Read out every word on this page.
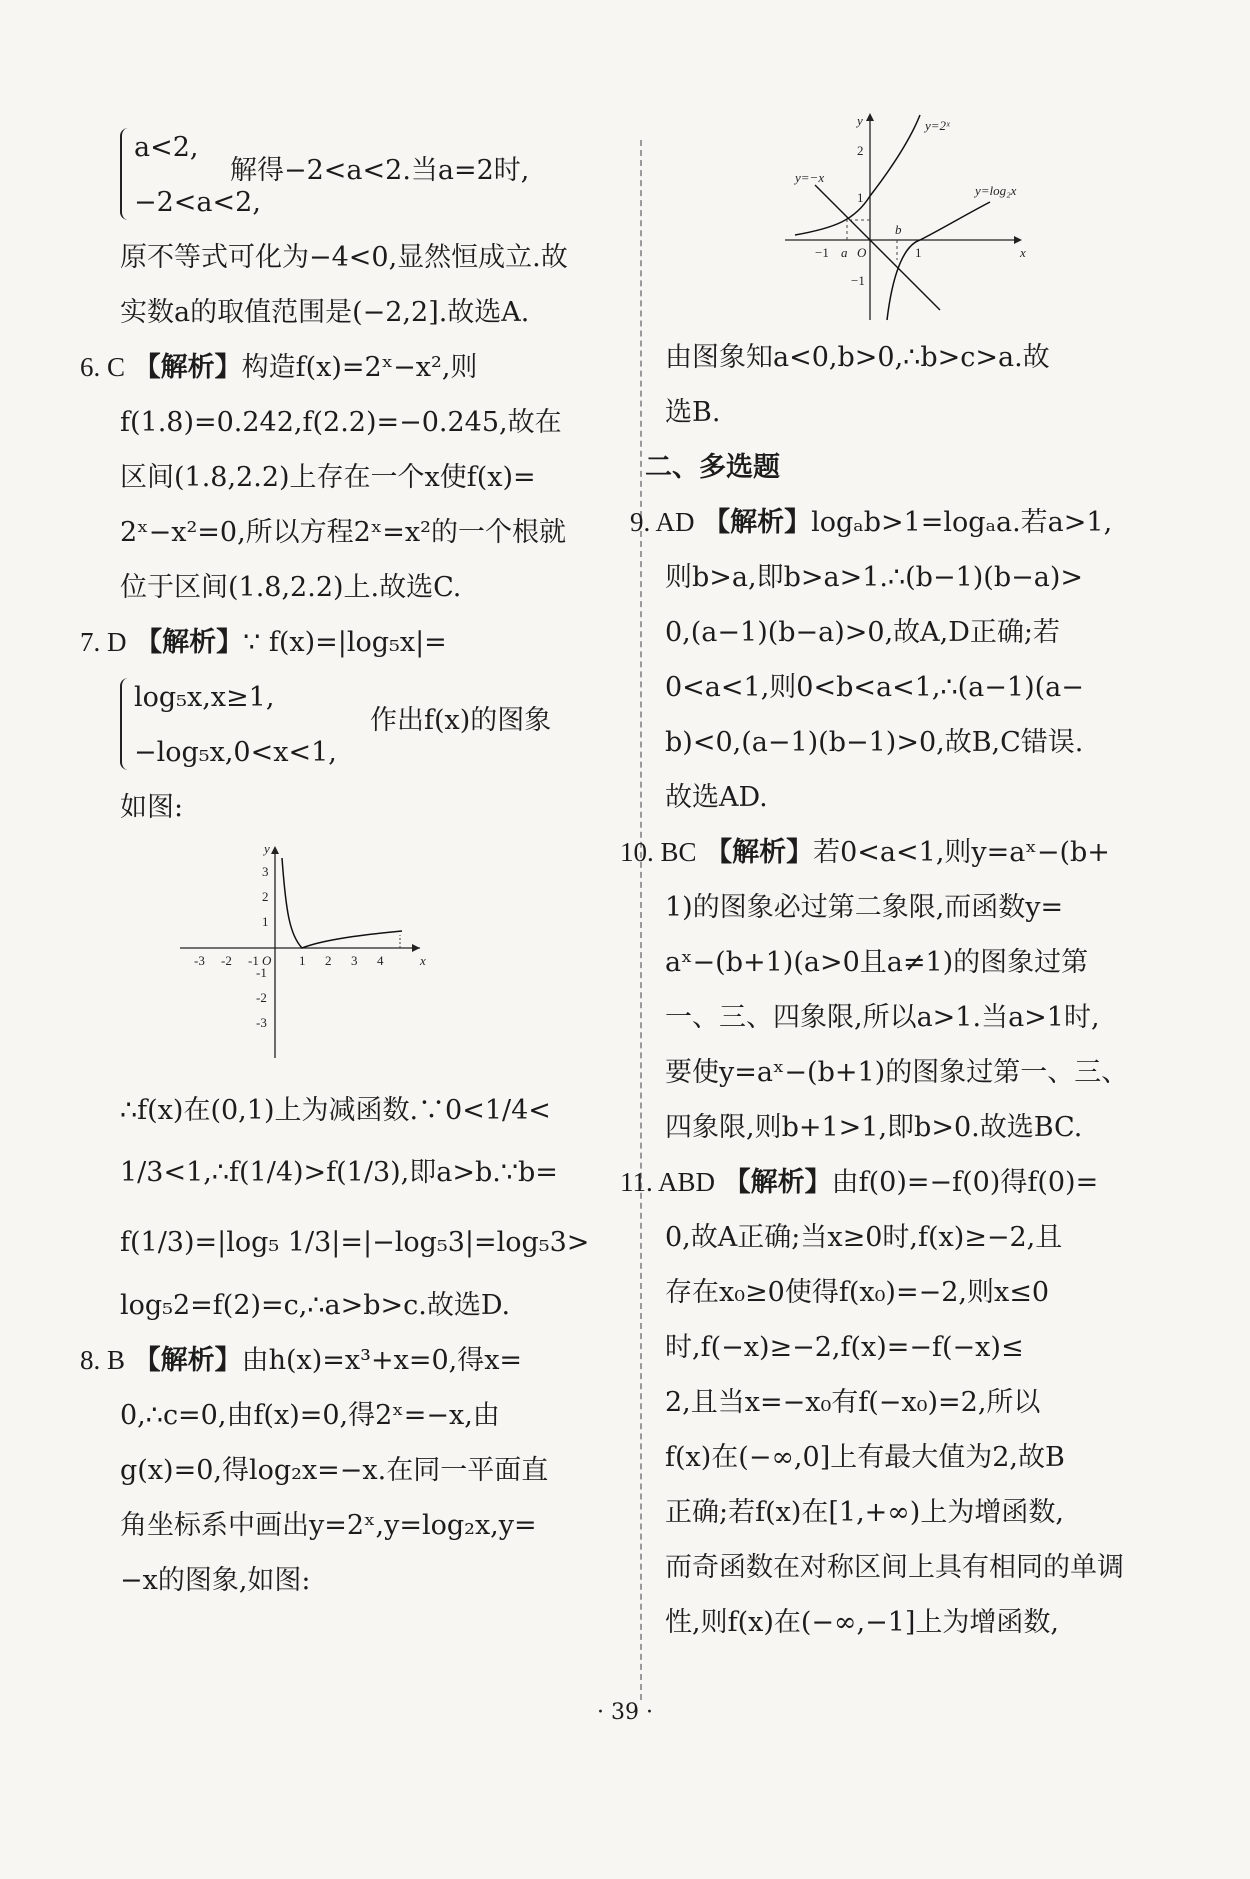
a<2,
−2<a<2,
解得−2<a<2.当a=2时,
原不等式可化为−4<0,显然恒成立.故
实数a的取值范围是(−2,2].故选A.
6. C 【解析】构造f(x)=2ˣ−x²,则
f(1.8)=0.242,f(2.2)=−0.245,故在
区间(1.8,2.2)上存在一个x使f(x)=
2ˣ−x²=0,所以方程2ˣ=x²的一个根就
位于区间(1.8,2.2)上.故选C.
7. D 【解析】∵ f(x)=|log₅x|=
log₅x,x≥1,
−log₅x,0<x<1,
作出f(x)的图象
如图:
x
y
O
-3 -2 -1	1 2 3 4
3
2
1
-1
-2
-3
∴f(x)在(0,1)上为减函数.∵0<1/4<
1/3<1,∴f(1/4)>f(1/3),即a>b.∵b=
f(1/3)=|log₅ 1/3|=|−log₅3|=log₅3>
log₅2=f(2)=c,∴a>b>c.故选D.
8. B 【解析】由h(x)=x³+x=0,得x=
0,∴c=0,由f(x)=0,得2ˣ=−x,由
g(x)=0,得log₂x=−x.在同一平面直
角坐标系中画出y=2ˣ,y=log₂x,y=
−x的图象,如图:
x
y	y=2ˣ
y=−x
y=log₂x
−1 a O
b
1
2
1
−1
由图象知a<0,b>0,∴b>c>a.故
选B.
二、多选题
9. AD 【解析】logₐb>1=logₐa.若a>1,
则b>a,即b>a>1.∴(b−1)(b−a)>
0,(a−1)(b−a)>0,故A,D正确;若
0<a<1,则0<b<a<1,∴(a−1)(a−
b)<0,(a−1)(b−1)>0,故B,C错误.
故选AD.
10. BC 【解析】若0<a<1,则y=aˣ−(b+
1)的图象必过第二象限,而函数y=
aˣ−(b+1)(a>0且a≠1)的图象过第
一、三、四象限,所以a>1.当a>1时,
要使y=aˣ−(b+1)的图象过第一、三、
四象限,则b+1>1,即b>0.故选BC.
11. ABD 【解析】由f(0)=−f(0)得f(0)=
0,故A正确;当x≥0时,f(x)≥−2,且
存在x₀≥0使得f(x₀)=−2,则x≤0
时,f(−x)≥−2,f(x)=−f(−x)≤
2,且当x=−x₀有f(−x₀)=2,所以
f(x)在(−∞,0]上有最大值为2,故B
正确;若f(x)在[1,+∞)上为增函数,
而奇函数在对称区间上具有相同的单调
性,则f(x)在(−∞,−1]上为增函数,
· 39 ·
